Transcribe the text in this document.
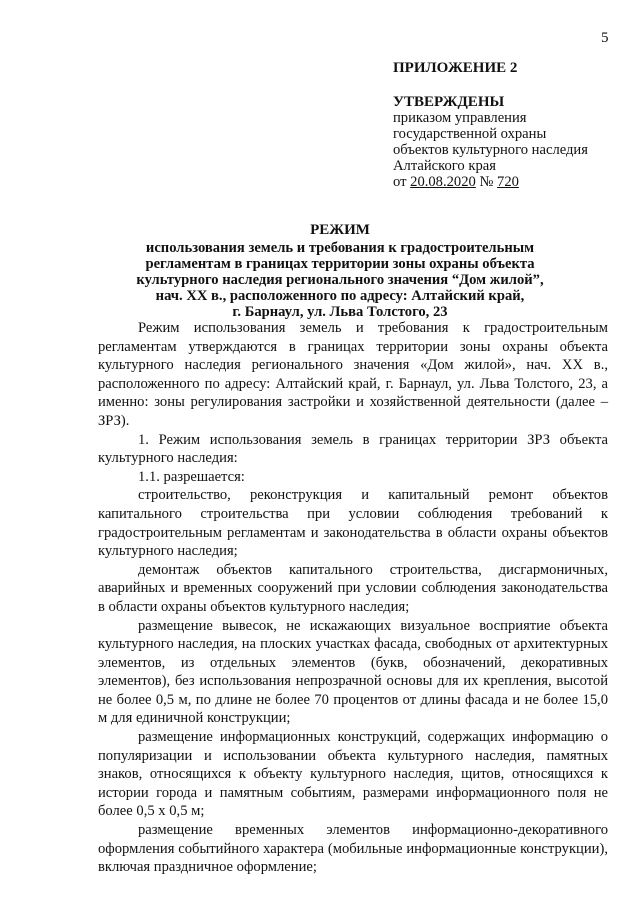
5
ПРИЛОЖЕНИЕ 2
УТВЕРЖДЕНЫ
приказом управления
государственной охраны
объектов культурного наследия
Алтайского края
от 20.08.2020 № 720
РЕЖИМ
использования земель и требования к градостроительным
регламентам в границах территории зоны охраны объекта
культурного наследия регионального значения “Дом жилой”,
нач. XX в., расположенного по адресу: Алтайский край,
г. Барнаул, ул. Льва Толстого, 23

Режим использования земель и требования к градостроительным регламентам утверждаются в границах территории зоны охраны объекта культурного наследия регионального значения «Дом жилой», нач. XX в., расположенного по адресу: Алтайский край, г. Барнаул, ул. Льва Толстого, 23, а именно: зоны регулирования застройки и хозяйственной деятельности (далее – ЗРЗ).

1. Режим использования земель в границах территории ЗРЗ объекта культурного наследия:

1.1. разрешается:

строительство, реконструкция и капитальный ремонт объектов капитального строительства при условии соблюдения требований к градостроительным регламентам и законодательства в области охраны объектов культурного наследия;

демонтаж объектов капитального строительства, дисгармоничных, аварийных и временных сооружений при условии соблюдения законодательства в области охраны объектов культурного наследия;

размещение вывесок, не искажающих визуальное восприятие объекта культурного наследия, на плоских участках фасада, свободных от архитектурных элементов, из отдельных элементов (букв, обозначений, декоративных элементов), без использования непрозрачной основы для их крепления, высотой не более 0,5 м, по длине не более 70 процентов от длины фасада и не более 15,0 м для единичной конструкции;

размещение информационных конструкций, содержащих информацию о популяризации и использовании объекта культурного наследия, памятных знаков, относящихся к объекту культурного наследия, щитов, относящихся к истории города и памятным событиям, размерами информационного поля не более 0,5 х 0,5 м;

размещение временных элементов информационно-декоративного оформления событийного характера (мобильные информационные конструкции), включая праздничное оформление;
